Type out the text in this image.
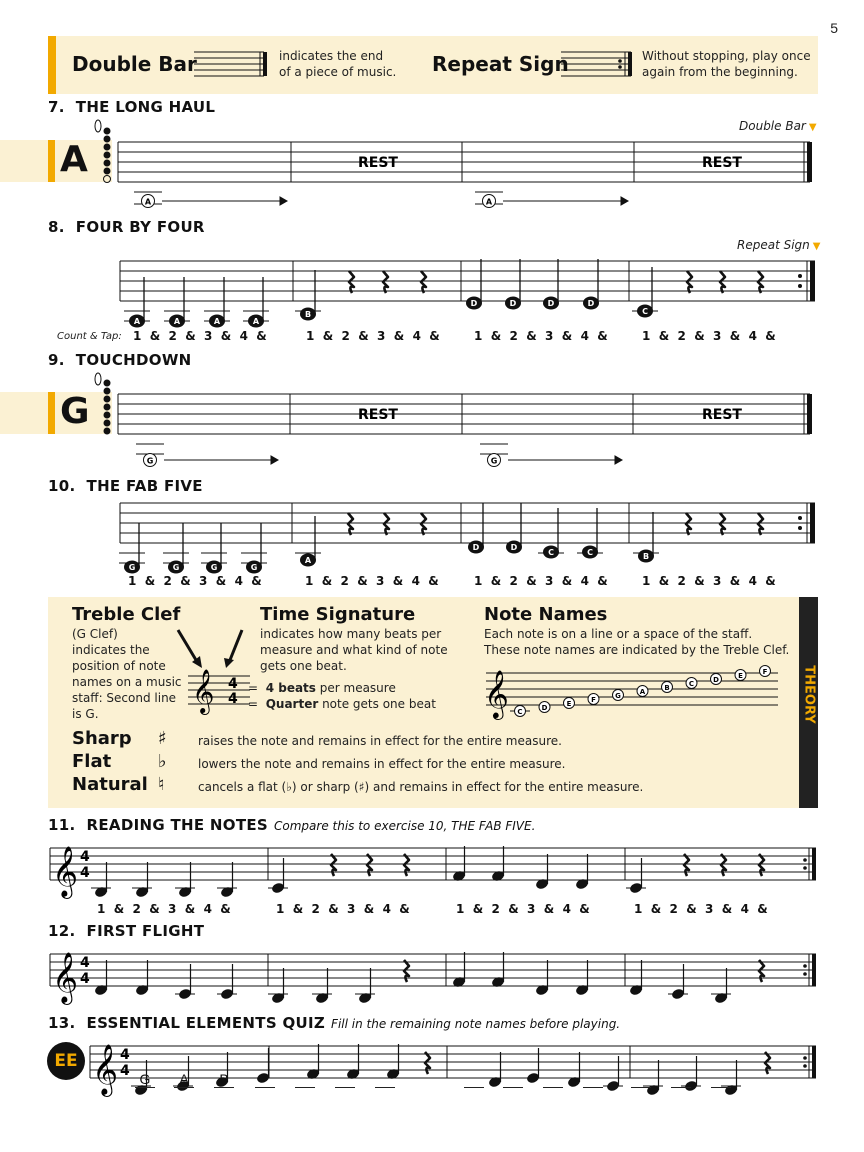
5
Double Bar	indicates the end
of a piece of music. Repeat Sign	Without stopping, play once
again from the beginning.
7. THE LONG HAUL
Double Bar ▼
A	REST	REST
A	A
8. FOUR BY FOUR
Repeat Sign ▼
A	A	A	A
B
D	D	D	D
C
Count & Tap: 1  &  2  &  3  &  4  &	1  &  2  &  3  &  4  &	1  &  2  &  3  &  4  &	1  &  2  &  3  &  4  &
9. TOUCHDOWN
G	REST	REST
G	G
10. THE FAB FIVE
G	G	G	G
A
D	D
C	C	B
1  &  2  &  3  &  4  &	1  &  2  &  3  &  4  &	1  &  2  &  3  &  4  &	1  &  2  &  3  &  4  &
THEORY
Treble Clef
(G Clef)
indicates the
position of note
names on a music
staff: Second line
is G.
Time Signature
indicates how many beats per
measure and what kind of note
gets one beat.
𝄞 4
4
= 4 beats per measure
= Quarter note gets one beat
Note Names
Each note is on a line or a space of the staff.
These note names are indicated by the Treble Clef.
𝄞 C	D	E	F	G	A	B	C	D	E	F
Sharp ♯	raises the note and remains in effect for the entire measure.
Flat	♭	lowers the note and remains in effect for the entire measure.
Natural ♮	cancels a flat (♭) or sharp (♯) and remains in effect for the entire measure.
11. READING THE NOTES Compare this to exercise 10, THE FAB FIVE.
𝄞 4
4
1  &  2  &  3  &  4  &	1  &  2  &  3  &  4  &	1  &  2  &  3  &  4  &	1  &  2  &  3  &  4  &
12. FIRST FLIGHT
𝄞 4
4
13. ESSENTIAL ELEMENTS QUIZ Fill in the remaining note names before playing.
EE 𝄞 4
4 G	A	B
